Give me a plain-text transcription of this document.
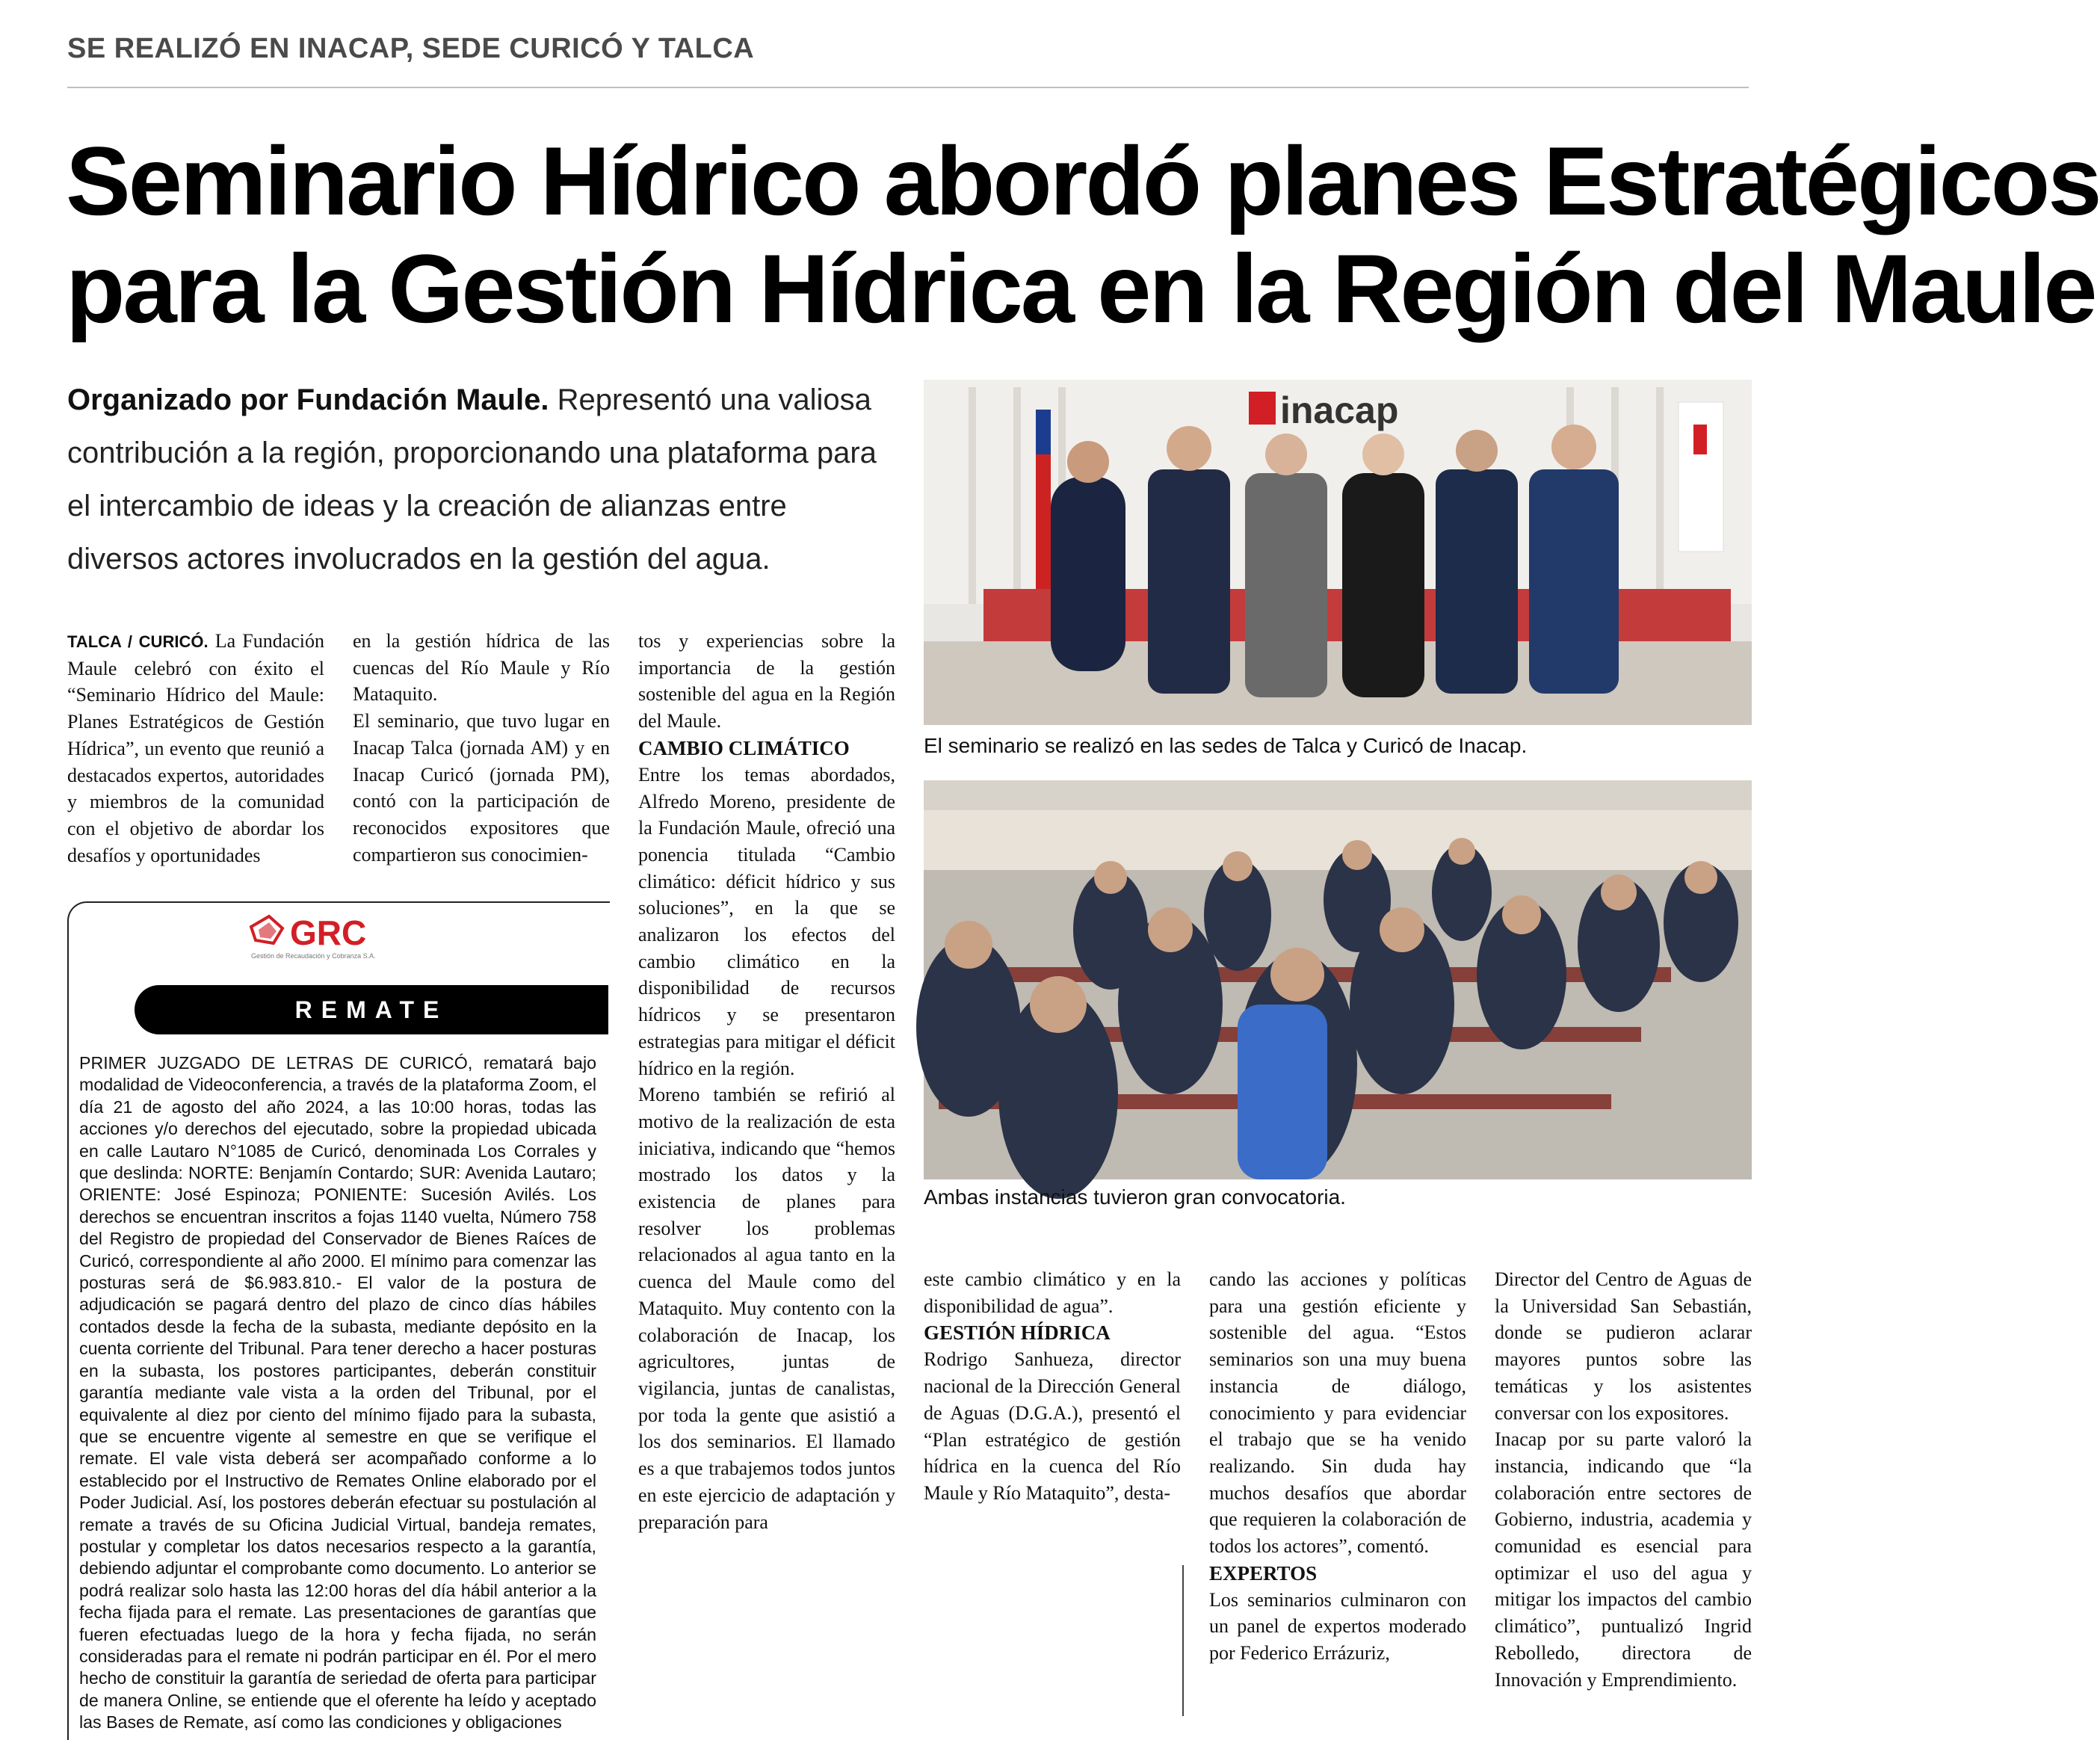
SE REALIZÓ EN INACAP, SEDE CURICÓ Y TALCA
Seminario Hídrico abordó planes Estratégicos
para la Gestión Hídrica en la Región del Maule
Organizado por Fundación Maule. Representó una valiosa contribución a la región, proporcionando una plataforma para el intercambio de ideas y la creación de alianzas entre diversos actores involucrados en la gestión del agua.
inacap
El seminario se realizó en las sedes de Talca y Curicó de Inacap.
Ambas instancias tuvieron gran convocatoria.

TALCA / CURICÓ. La Fundación Maule celebró con éxito el “Seminario Hídrico del Maule: Planes Estratégicos de Gestión Hídrica”, un evento que reunió a destacados expertos, autoridades y miembros de la comunidad con el objetivo de abordar los desafíos y oportunidades

en la gestión hídrica de las cuencas del Río Maule y Río Mataquito.

El seminario, que tuvo lugar en Inacap Talca (jornada AM) y en Inacap Curicó (jornada PM), contó con la participación de reconocidos expositores que compartieron sus conocimien-

tos y experiencias sobre la importancia de la gestión sostenible del agua en la Región del Maule.

CAMBIO CLIMÁTICO

Entre los temas abordados, Alfredo Moreno, presidente de la Fundación Maule, ofreció una ponencia titulada “Cambio climático: déficit hídrico y sus soluciones”, en la que se analizaron los efectos del cambio climático en la disponibilidad de recursos hídricos y se presentaron estrategias para mitigar el déficit hídrico en la región.

Moreno también se refirió al motivo de la realización de esta iniciativa, indicando que “hemos mostrado los datos y la existencia de planes para resolver los problemas relacionados al agua tanto en la cuenca del Maule como del Mataquito. Muy contento con la colaboración de Inacap, los agricultores, juntas de vigilancia, juntas de canalistas, por toda la gente que asistió a los dos seminarios. El llamado es a que trabajemos todos juntos en este ejercicio de adaptación y preparación para

este cambio climático y en la disponibilidad de agua”.

GESTIÓN HÍDRICA

Rodrigo Sanhueza, director nacional de la Dirección General de Aguas (D.G.A.), presentó el “Plan estratégico de gestión hídrica en la cuenca del Río Maule y Río Mataquito”, desta-

cando las acciones y políticas para una gestión eficiente y sostenible del agua. “Estos seminarios son una muy buena instancia de diálogo, conocimiento y para evidenciar el trabajo que se ha venido realizando. Sin duda hay muchos desafíos que abordar que requieren la colaboración de todos los actores”, comentó.

EXPERTOS

Los seminarios culminaron con un panel de expertos moderado por Federico Errázuriz,

Director del Centro de Aguas de la Universidad San Sebastián, donde se pudieron aclarar mayores puntos sobre las temáticas y los asistentes conversar con los expositores.

Inacap por su parte valoró la instancia, indicando que “la colaboración entre sectores de Gobierno, industria, academia y comunidad es esencial para optimizar el uso del agua y mitigar los impactos del cambio climático”, puntualizó Ingrid Rebolledo, directora de Innovación y Emprendimiento.

GRC
Gestión de Recaudación y Cobranza S.A.
REMATE
PRIMER JUZGADO DE LETRAS DE CURICÓ, rematará bajo modalidad de Videoconferencia, a través de la plataforma Zoom, el día 21 de agosto del año 2024, a las 10:00 horas, todas las acciones y/o derechos del ejecutado, sobre la propiedad ubicada en calle Lautaro N°1085 de Curicó, denominada Los Corrales y que deslinda: NORTE: Benjamín Contardo; SUR: Avenida Lautaro; ORIENTE: José Espinoza; PONIENTE: Sucesión Avilés. Los derechos se encuentran inscritos a fojas 1140 vuelta, Número 758 del Registro de propiedad del Conservador de Bienes Raíces de Curicó, correspondiente al año 2000. El mínimo para comenzar las posturas será de $6.983.810.- El valor de la postura de adjudicación se pagará dentro del plazo de cinco días hábiles contados desde la fecha de la subasta, mediante depósito en la cuenta corriente del Tribunal. Para tener derecho a hacer posturas en la subasta, los postores participantes, deberán constituir garantía mediante vale vista a la orden del Tribunal, por el equivalente al diez por ciento del mínimo fijado para la subasta, que se encuentre vigente al semestre en que se verifique el remate. El vale vista deberá ser acompañado conforme a lo establecido por el Instructivo de Remates Online elaborado por el Poder Judicial. Así, los postores deberán efectuar su postulación al remate a través de su Oficina Judicial Virtual, bandeja remates, postular y completar los datos necesarios respecto a la garantía, debiendo adjuntar el comprobante como documento. Lo anterior se podrá realizar solo hasta las 12:00 horas del día hábil anterior a la fecha fijada para el remate. Las presentaciones de garantías que fueren efectuadas luego de la hora y fecha fijada, no serán consideradas para el remate ni podrán participar en él. Por el mero hecho de constituir la garantía de seriedad de oferta para participar de manera Online, se entiende que el oferente ha leído y aceptado las Bases de Remate, así como las condiciones y obligaciones
